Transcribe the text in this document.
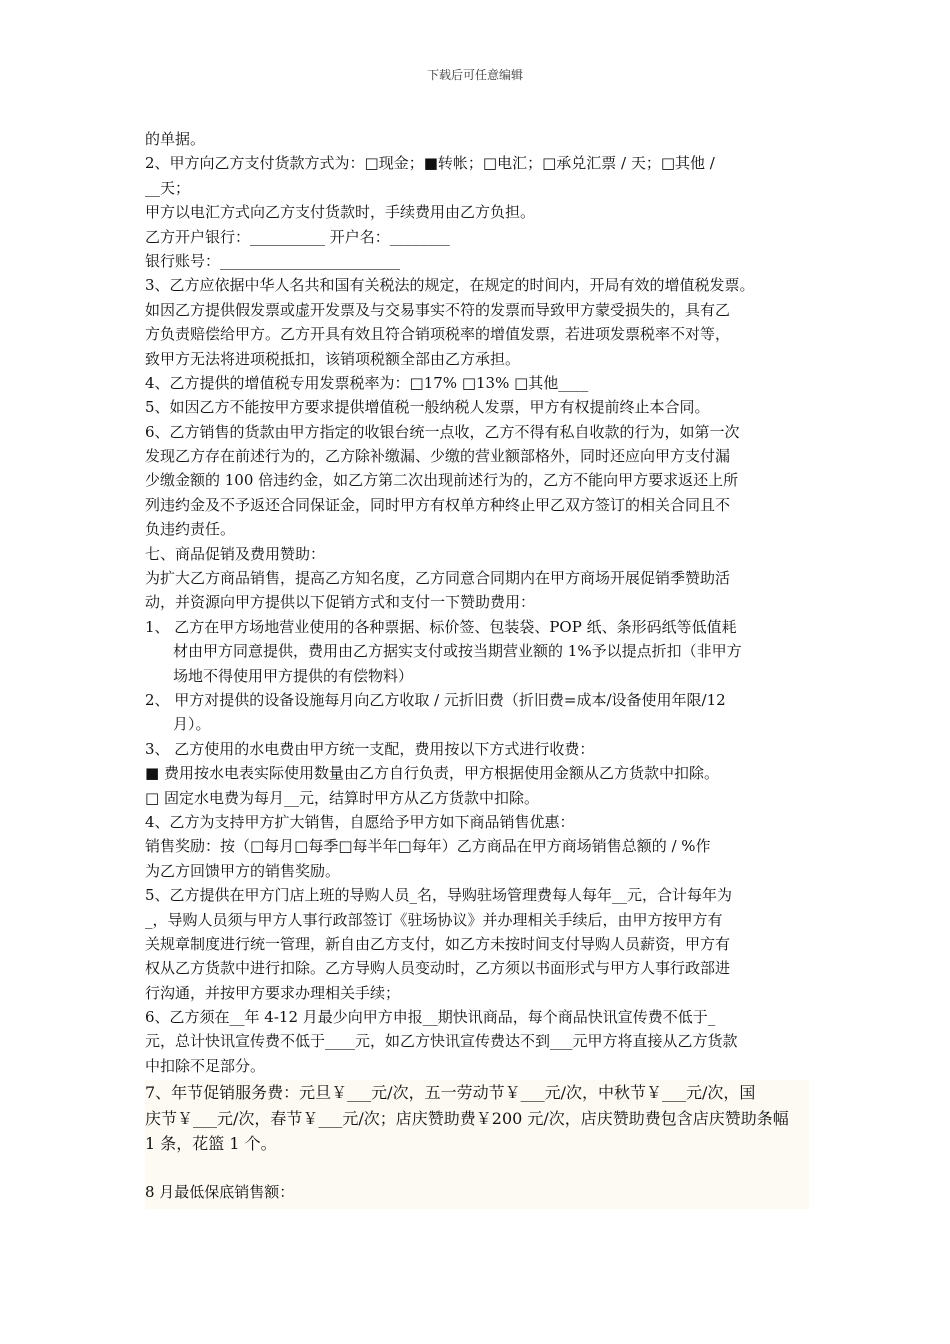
下载后可任意编辑
的单据。
2、甲方向乙方支付货款方式为：□现金；■转帐；□电汇；□承兑汇票 / 天；□其他 /
__天；
甲方以电汇方式向乙方支付货款时，手续费用由乙方负担。
乙方开户银行：__________ 开户名：________
银行账号：________________________
3、乙方应依据中华人名共和国有关税法的规定，在规定的时间内，开局有效的增值税发票。
如因乙方提供假发票或虚开发票及与交易事实不符的发票而导致甲方蒙受损失的，具有乙
方负责赔偿给甲方。乙方开具有效且符合销项税率的增值发票，若进项发票税率不对等，
致甲方无法将进项税抵扣，该销项税额全部由乙方承担。
4、乙方提供的增值税专用发票税率为：□17% □13% □其他____
5、如因乙方不能按甲方要求提供增值税一般纳税人发票，甲方有权提前终止本合同。
6、乙方销售的货款由甲方指定的收银台统一点收，乙方不得有私自收款的行为，如第一次
发现乙方存在前述行为的，乙方除补缴漏、少缴的营业额部格外，同时还应向甲方支付漏
少缴金额的 100 倍违约金，如乙方第二次出现前述行为的，乙方不能向甲方要求返还上所
列违约金及不予返还合同保证金，同时甲方有权单方种终止甲乙双方签订的相关合同且不
负违约责任。
七、商品促销及费用赞助：
为扩大乙方商品销售，提高乙方知名度，乙方同意合同期内在甲方商场开展促销季赞助活
动，并资源向甲方提供以下促销方式和支付一下赞助费用：
1、 乙方在甲方场地营业使用的各种票据、标价签、包装袋、POP 纸、条形码纸等低值耗
材由甲方同意提供，费用由乙方据实支付或按当期营业额的 1%予以提点折扣（非甲方
场地不得使用甲方提供的有偿物料）
2、 甲方对提供的设备设施每月向乙方收取 / 元折旧费（折旧费=成本/设备使用年限/12
月）。
3、 乙方使用的水电费由甲方统一支配，费用按以下方式进行收费：
■ 费用按水电表实际使用数量由乙方自行负责，甲方根据使用金额从乙方货款中扣除。
□ 固定水电费为每月__元，结算时甲方从乙方货款中扣除。
4、乙方为支持甲方扩大销售，自愿给予甲方如下商品销售优惠：
销售奖励：按（□每月□每季□每半年□每年）乙方商品在甲方商场销售总额的 / %作
为乙方回馈甲方的销售奖励。
5、乙方提供在甲方门店上班的导购人员_名，导购驻场管理费每人每年__元，合计每年为
_，导购人员须与甲方人事行政部签订《驻场协议》并办理相关手续后，由甲方按甲方有
关规章制度进行统一管理，新自由乙方支付，如乙方未按时间支付导购人员薪资，甲方有
权从乙方货款中进行扣除。乙方导购人员变动时，乙方须以书面形式与甲方人事行政部进
行沟通，并按甲方要求办理相关手续；
6、乙方须在__年 4-12 月最少向甲方申报__期快讯商品，每个商品快讯宣传费不低于_
元，总计快讯宣传费不低于____元，如乙方快讯宣传费达不到___元甲方将直接从乙方货款
中扣除不足部分。
7、年节促销服务费：元旦￥___元/次，五一劳动节￥___元/次，中秋节￥___元/次，国
庆节￥___元/次，春节￥___元/次；店庆赞助费￥200 元/次，店庆赞助费包含店庆赞助条幅
1 条，花篮 1 个。
8 月最低保底销售额：
